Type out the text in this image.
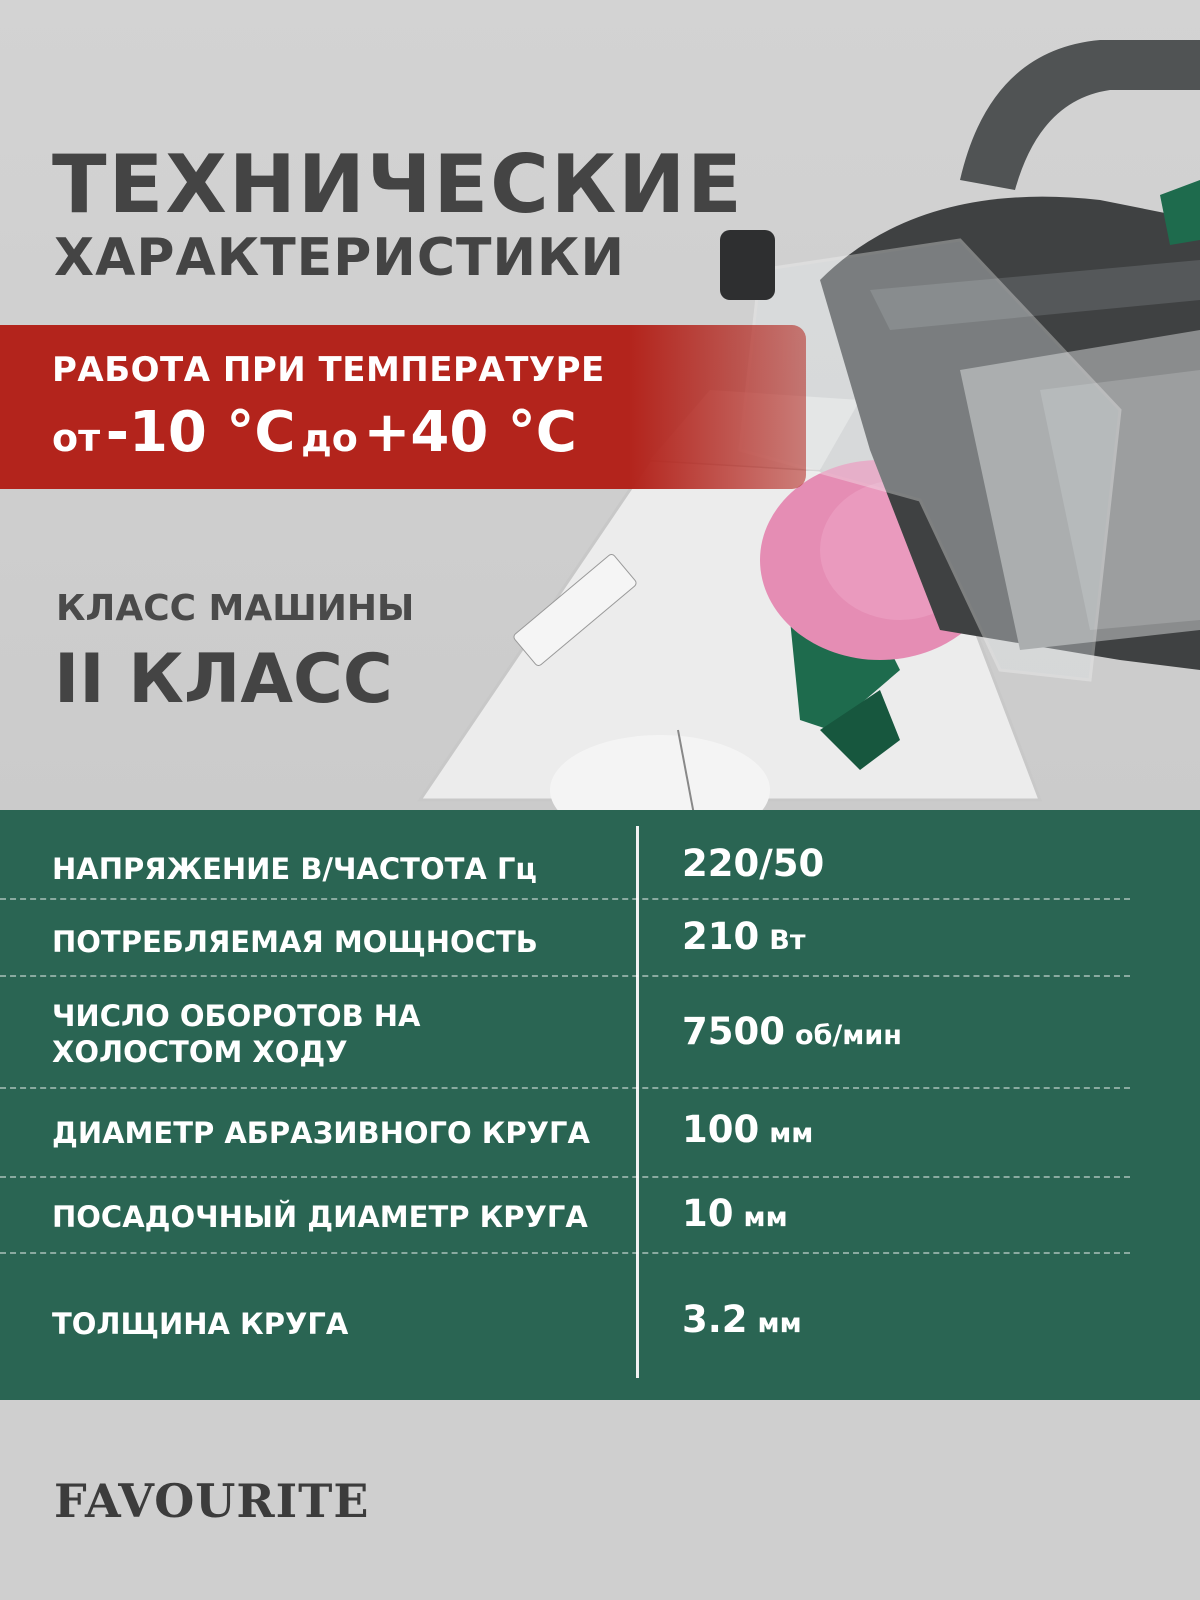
ТЕХНИЧЕСКИЕ
ХАРАКТЕРИСТИКИ

РАБОТА ПРИ ТЕМПЕРАТУРЕ

от -10 °С до +40 °С

КЛАСС МАШИНЫ

II КЛАСС

НАПРЯЖЕНИЕ В/ЧАСТОТА Гц	220/50

ПОТРЕБЛЯЕМАЯ МОЩНОСТЬ	210 Вт

ЧИСЛО ОБОРОТОВ НА
ХОЛОСТОМ ХОДУ	7500 об/мин

ДИАМЕТР АБРАЗИВНОГО КРУГА 100 мм

ПОСАДОЧНЫЙ ДИАМЕТР КРУГА	10 мм

ТОЛЩИНА КРУГА	3.2 мм

FAVOURITE
